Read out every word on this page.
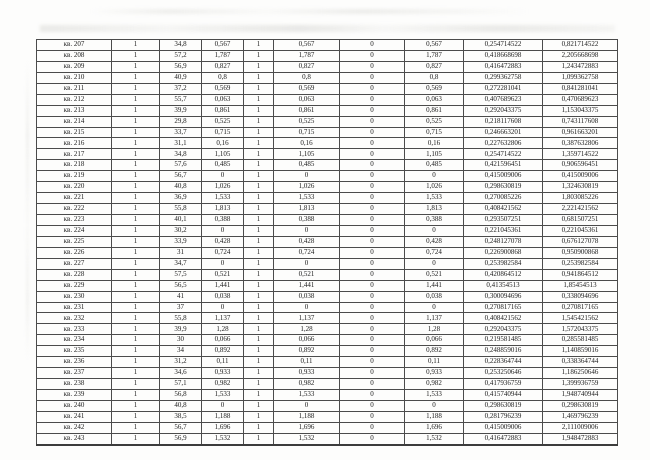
кв. 207	1	34,8	0,567	1	0,567	0	0,567	0,254714522	0,821714522
кв. 208	1	57,2	1,787	1	1,787	0	1,787	0,418668698	2,205668698
кв. 209	1	56,9	0,827	1	0,827	0	0,827	0,416472883	1,243472883
кв. 210	1	40,9	0,8	1	0,8	0	0,8	0,299362758	1,099362758
кв. 211	1	37,2	0,569	1	0,569	0	0,569	0,272281041	0,841281041
кв. 212	1	55,7	0,063	1	0,063	0	0,063	0,407689623	0,470689623
кв. 213	1	39,9	0,861	1	0,861	0	0,861	0,292043375	1,153043375
кв. 214	1	29,8	0,525	1	0,525	0	0,525	0,218117608	0,743117608
кв. 215	1	33,7	0,715	1	0,715	0	0,715	0,246663201	0,961663201
кв. 216	1	31,1	0,16	1	0,16	0	0,16	0,227632806	0,387632806
кв. 217	1	34,8	1,105	1	1,105	0	1,105	0,254714522	1,359714522
кв. 218	1	57,6	0,485	1	0,485	0	0,485	0,421596451	0,906596451
кв. 219	1	56,7	0	1	0	0	0	0,415009006	0,415009006
кв. 220	1	40,8	1,026	1	1,026	0	1,026	0,298630819	1,324630819
кв. 221	1	36,9	1,533	1	1,533	0	1,533	0,270085226	1,803085226
кв. 222	1	55,8	1,813	1	1,813	0	1,813	0,408421562	2,221421562
кв. 223	1	40,1	0,388	1	0,388	0	0,388	0,293507251	0,681507251
кв. 224	1	30,2	0	1	0	0	0	0,221045361	0,221045361
кв. 225	1	33,9	0,428	1	0,428	0	0,428	0,248127078	0,676127078
кв. 226	1	31	0,724	1	0,724	0	0,724	0,226900868	0,950900868
кв. 227	1	34,7	0	1	0	0	0	0,253982584	0,253982584
кв. 228	1	57,5	0,521	1	0,521	0	0,521	0,420864512	0,941864512
кв. 229	1	56,5	1,441	1	1,441	0	1,441	0,41354513	1,85454513
кв. 230	1	41	0,038	1	0,038	0	0,038	0,300094696	0,338094696
кв. 231	1	37	0	1	0	0	0	0,270817165	0,270817165
кв. 232	1	55,8	1,137	1	1,137	0	1,137	0,408421562	1,545421562
кв. 233	1	39,9	1,28	1	1,28	0	1,28	0,292043375	1,572043375
кв. 234	1	30	0,066	1	0,066	0	0,066	0,219581485	0,285581485
кв. 235	1	34	0,892	1	0,892	0	0,892	0,248859016	1,140859016
кв. 236	1	31,2	0,11	1	0,11	0	0,11	0,228364744	0,338364744
кв. 237	1	34,6	0,933	1	0,933	0	0,933	0,253250646	1,186250646
кв. 238	1	57,1	0,982	1	0,982	0	0,982	0,417936759	1,399936759
кв. 239	1	56,8	1,533	1	1,533	0	1,533	0,415740944	1,948740944
кв. 240	1	40,8	0	1	0	0	0	0,298630819	0,298630819
кв. 241	1	38,5	1,188	1	1,188	0	1,188	0,281796239	1,469796239
кв. 242	1	56,7	1,696	1	1,696	0	1,696	0,415009006	2,111009006
кв. 243	1	56,9	1,532	1	1,532	0	1,532	0,416472883	1,948472883
